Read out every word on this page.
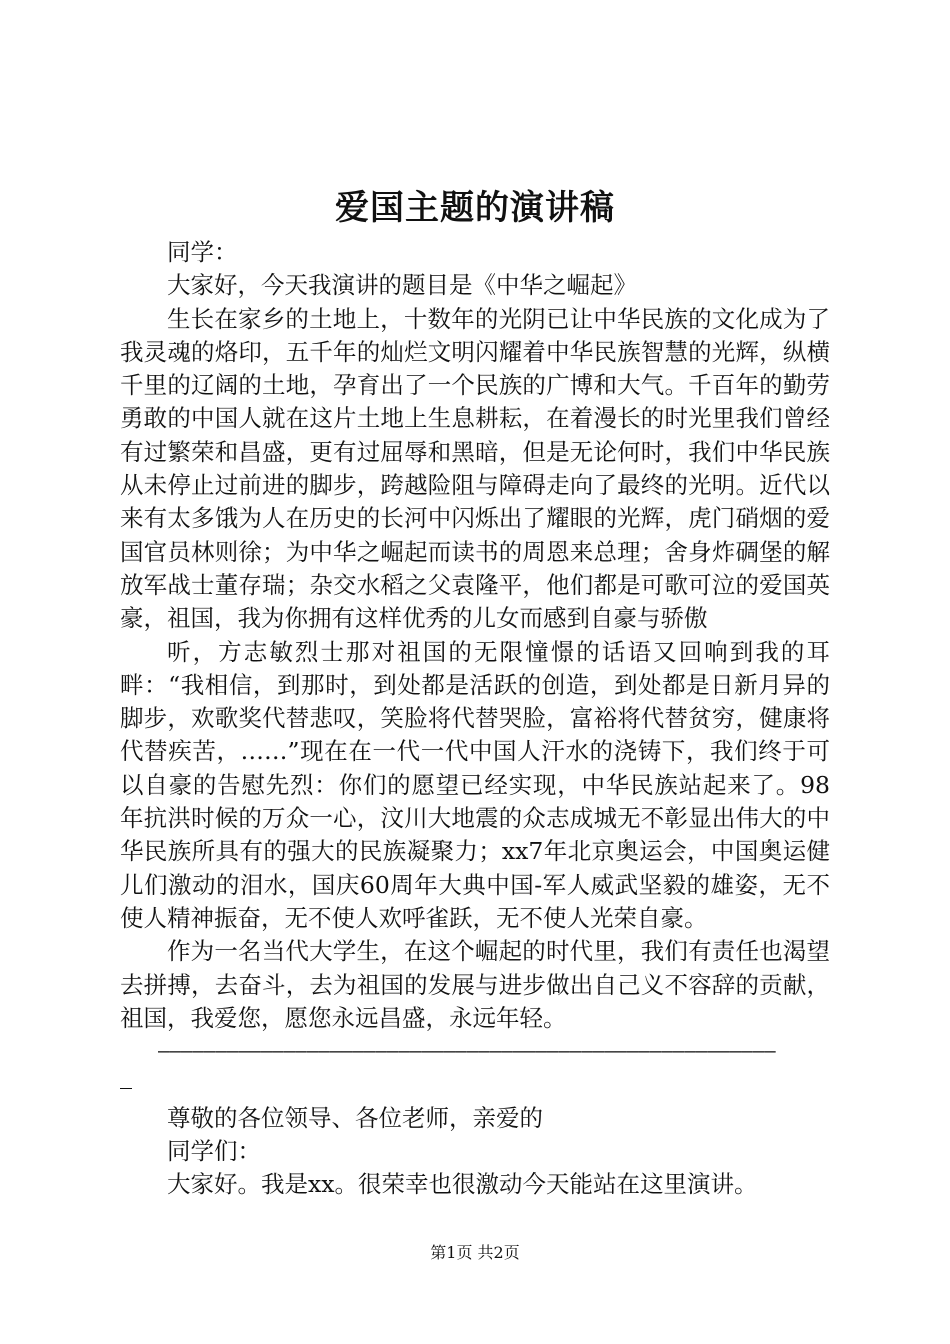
爱国主题的演讲稿

同学：

大家好，今天我演讲的题目是《中华之崛起》

生长在家乡的土地上，十数年的光阴已让中华民族的文化成为了我灵魂的烙印，五千年的灿烂文明闪耀着中华民族智慧的光辉，纵横千里的辽阔的土地，孕育出了一个民族的广博和大气。千百年的勤劳勇敢的中国人就在这片土地上生息耕耘，在着漫长的时光里我们曾经有过繁荣和昌盛，更有过屈辱和黑暗，但是无论何时，我们中华民族从未停止过前进的脚步，跨越险阻与障碍走向了最终的光明。近代以来有太多饿为人在历史的长河中闪烁出了耀眼的光辉，虎门硝烟的爱国官员林则徐；为中华之崛起而读书的周恩来总理；舍身炸碉堡的解放军战士董存瑞；杂交水稻之父袁隆平，他们都是可歌可泣的爱国英豪，祖国，我为你拥有这样优秀的儿女而感到自豪与骄傲

听，方志敏烈士那对祖国的无限憧憬的话语又回响到我的耳畔：“我相信，到那时，到处都是活跃的创造，到处都是日新月异的脚步，欢歌奖代替悲叹，笑脸将代替哭脸，富裕将代替贫穷，健康将代替疾苦，……”现在在一代一代中国人汗水的浇铸下，我们终于可以自豪的告慰先烈：你们的愿望已经实现，中华民族站起来了。98年抗洪时候的万众一心，汶川大地震的众志成城无不彰显出伟大的中华民族所具有的强大的民族凝聚力；xx7年北京奥运会，中国奥运健儿们激动的泪水，国庆60周年大典中国-军人威武坚毅的雄姿，无不使人精神振奋，无不使人欢呼雀跃，无不使人光荣自豪。

作为一名当代大学生，在这个崛起的时代里，我们有责任也渴望去拼搏，去奋斗，去为祖国的发展与进步做出自己义不容辞的贡献，祖国，我爱您，愿您永远昌盛，永远年轻。

——————————————————————————————————————————————————————

尊敬的各位领导、各位老师，亲爱的

同学们：

大家好。我是xx。很荣幸也很激动今天能站在这里演讲。

第1页 共2页
